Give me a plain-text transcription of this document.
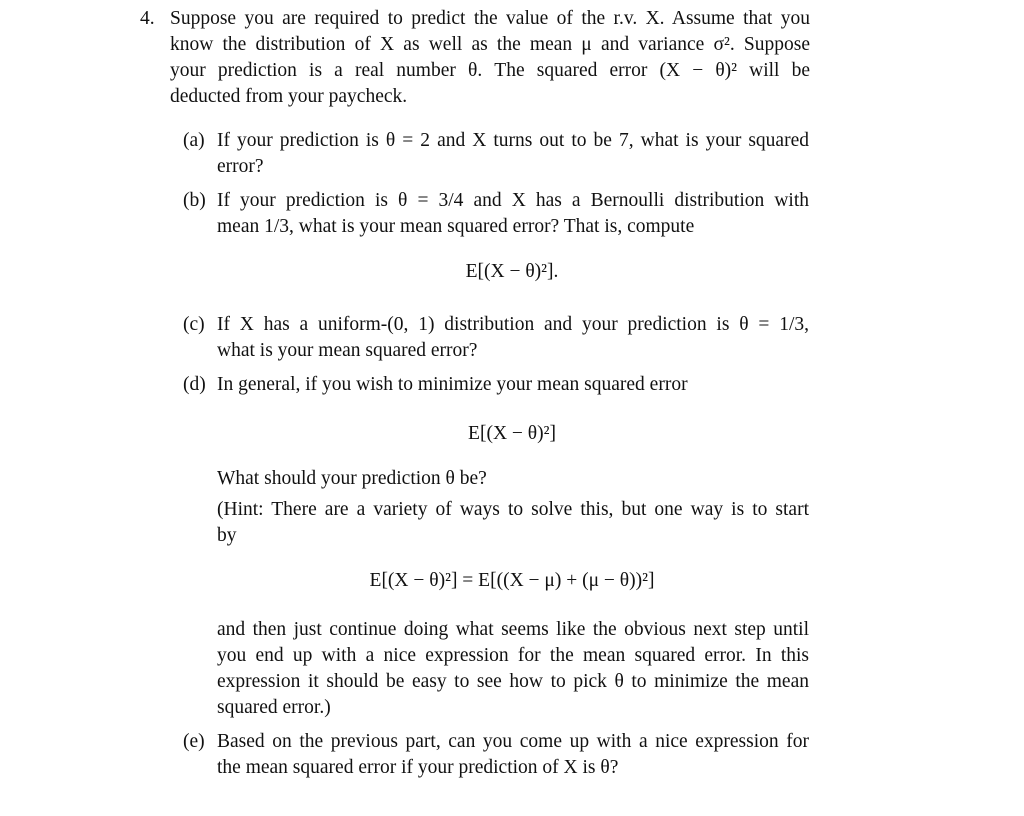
4. Suppose you are required to predict the value of the r.v. X. Assume that you
know the distribution of X as well as the mean μ and variance σ². Suppose
your prediction is a real number θ. The squared error (X − θ)² will be
deducted from your paycheck.
(a) If your prediction is θ = 2 and X turns out to be 7, what is your squared
error?
(b) If your prediction is θ = 3/4 and X has a Bernoulli distribution with
mean 1/3, what is your mean squared error? That is, compute
E[(X − θ)²].
(c) If X has a uniform-(0, 1) distribution and your prediction is θ = 1/3,
what is your mean squared error?
(d) In general, if you wish to minimize your mean squared error
E[(X − θ)²]
What should your prediction θ be?
(Hint: There are a variety of ways to solve this, but one way is to start
by
E[(X − θ)²] = E[((X − μ) + (μ − θ))²]
and then just continue doing what seems like the obvious next step until
you end up with a nice expression for the mean squared error. In this
expression it should be easy to see how to pick θ to minimize the mean
squared error.)
(e) Based on the previous part, can you come up with a nice expression for
the mean squared error if your prediction of X is θ?
